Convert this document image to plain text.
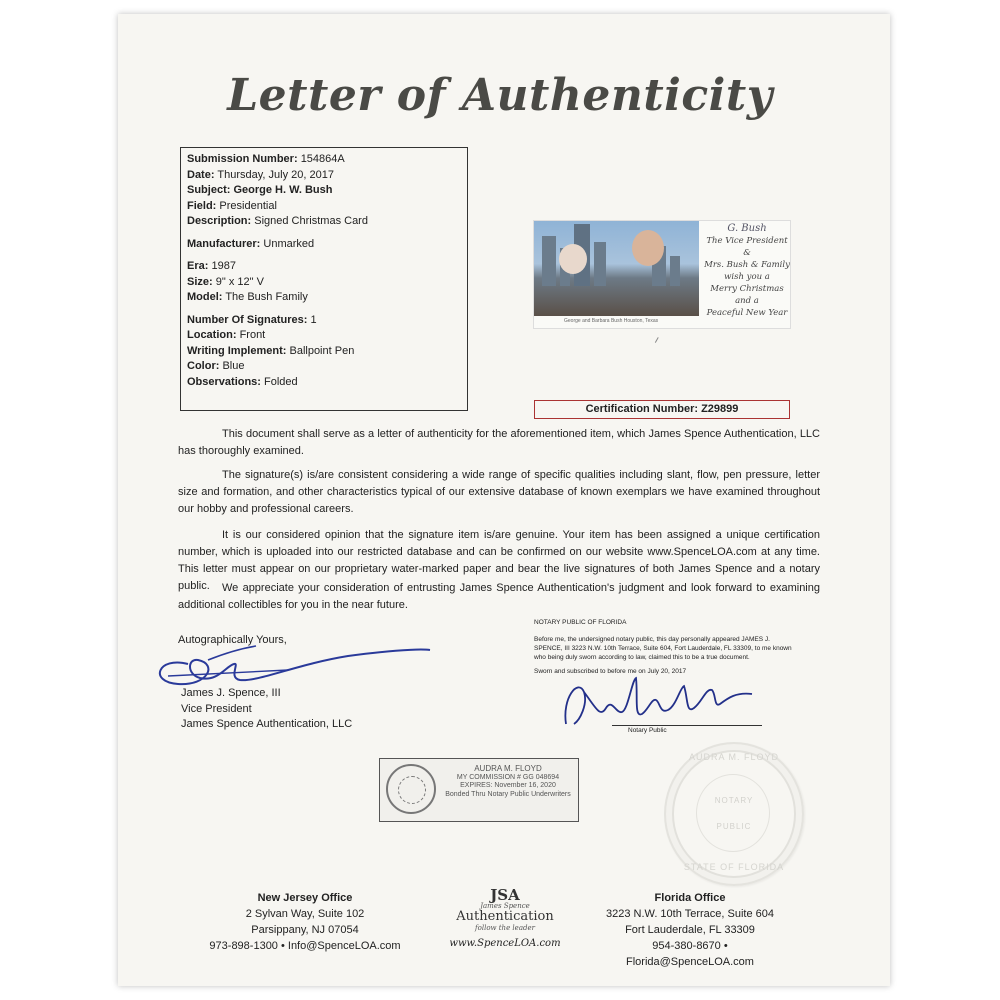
Letter of Authenticity
Submission Number: 154864A
Date: Thursday, July 20, 2017
Subject: George H. W. Bush
Field: Presidential
Description: Signed Christmas Card
Manufacturer: Unmarked
Era: 1987
Size: 9" x 12" V
Model: The Bush Family
Number Of Signatures: 1
Location: Front
Writing Implement: Ballpoint Pen
Color: Blue
Observations: Folded
George and Barbara Bush Houston, Texas
G. Bush
The Vice President &
Mrs. Bush & Family
wish you a
Merry Christmas
and a
Peaceful New Year
Certification Number: Z29899
This document shall serve as a letter of authenticity for the aforementioned item, which James Spence Authentication, LLC has thoroughly examined.
The signature(s) is/are consistent considering a wide range of specific qualities including slant, flow, pen pressure, letter size and formation, and other characteristics typical of our extensive database of known exemplars we have examined throughout our hobby and professional careers.
It is our considered opinion that the signature item is/are genuine. Your item has been assigned a unique certification number, which is uploaded into our restricted database and can be confirmed on our website www.SpenceLOA.com at any time. This letter must appear on our proprietary water-marked paper and bear the live signatures of both James Spence and a notary public.	We appreciate your consideration of entrusting James Spence Authentication's judgment and look forward to examining additional collectibles for you in the near future.
Autographically Yours,
James J. Spence, III
Vice President
James Spence Authentication, LLC
NOTARY PUBLIC OF FLORIDA
Before me, the undersigned notary public, this day personally appeared JAMES J. SPENCE, III 3223 N.W. 10th Terrace, Suite 604, Fort Lauderdale, FL 33309, to me known who being duly sworn according to law, claimed this to be a true document.
Sworn and subscribed to before me on July 20, 2017
Notary Public
AUDRA M. FLOYD
MY COMMISSION # GG 048694
EXPIRES: November 16, 2020
Bonded Thru Notary Public Underwriters
AUDRA M. FLOYD
NOTARY
PUBLIC
STATE OF FLORIDA
New Jersey Office
2 Sylvan Way, Suite 102
Parsippany, NJ 07054
973-898-1300 • Info@SpenceLOA.com
JSA
James Spence
Authentication
follow the leader
www.SpenceLOA.com
Florida Office
3223 N.W. 10th Terrace, Suite 604
Fort Lauderdale, FL 33309
954-380-8670 • Florida@SpenceLOA.com
